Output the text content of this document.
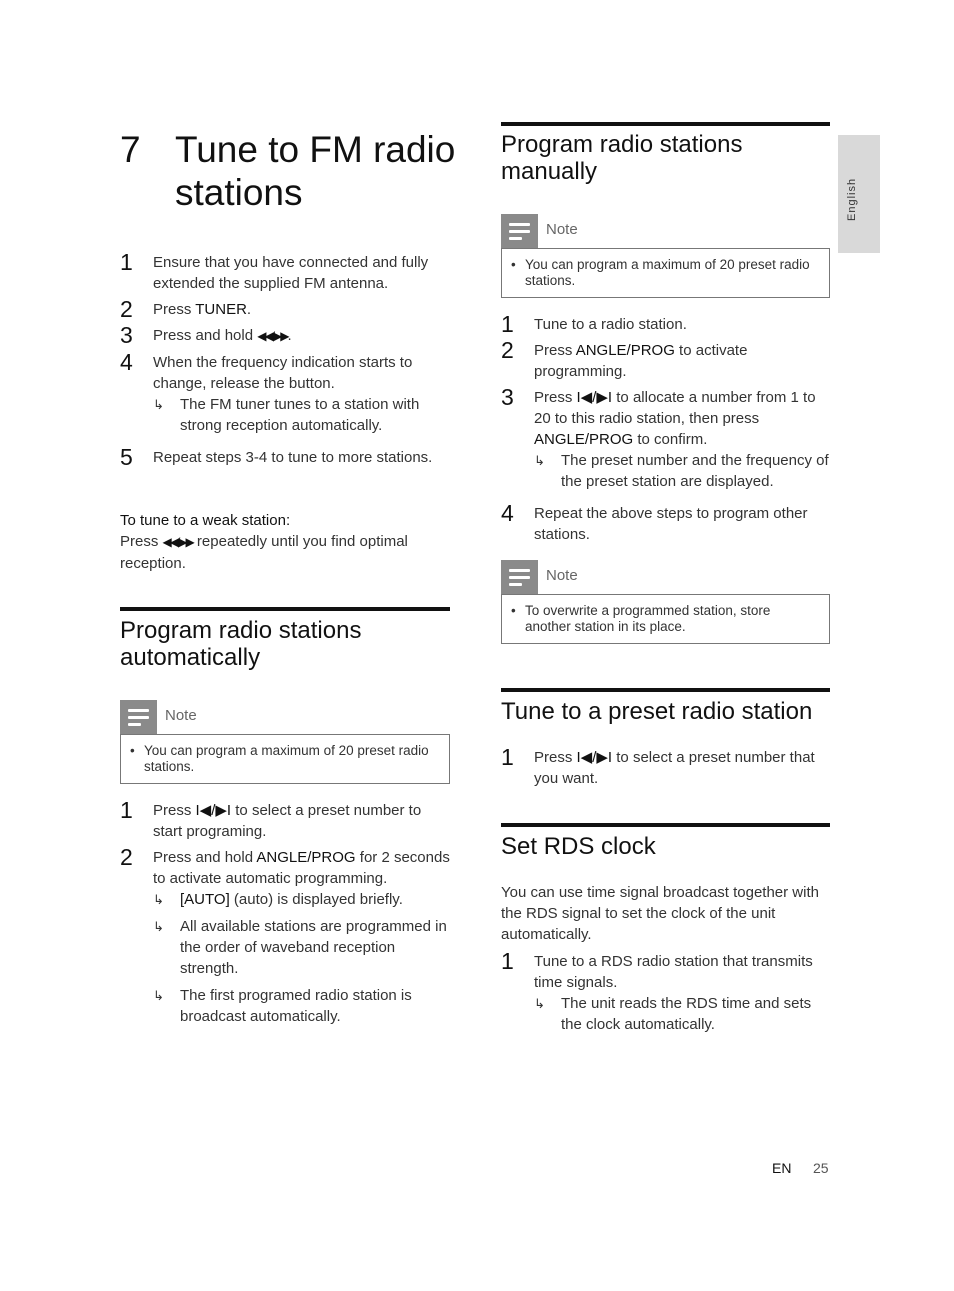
7 Tune to FM radio stations
1 Ensure that you have connected and fully extended the supplied FM antenna.
2 Press TUNER.
3 Press and hold ◀◀/▶▶.
4 When the frequency indication starts to change, release the button.
↳ The FM tuner tunes to a station with strong reception automatically.
5 Repeat steps 3-4 to tune to more stations.
To tune to a weak station:
Press ◀◀/▶▶ repeatedly until you find optimal reception.
Program radio stations automatically
Note
• You can program a maximum of 20 preset radio stations.
1 Press I◀/▶I to select a preset number to start programing.
2 Press and hold ANGLE/PROG for 2 seconds to activate automatic programming.
↳ [AUTO] (auto) is displayed briefly.
↳ All available stations are programmed in the order of waveband reception strength.
↳ The first programed radio station is broadcast automatically.
Program radio stations manually
Note
• You can program a maximum of 20 preset radio stations.
1 Tune to a radio station.
2 Press ANGLE/PROG to activate programming.
3 Press I◀/▶I to allocate a number from 1 to 20 to this radio station, then press ANGLE/PROG to confirm.
↳ The preset number and the frequency of the preset station are displayed.
4 Repeat the above steps to program other stations.
Note
• To overwrite a programmed station, store another station in its place.
Tune to a preset radio station
1 Press I◀/▶I to select a preset number that you want.
Set RDS clock
You can use time signal broadcast together with the RDS signal to set the clock of the unit automatically.
1 Tune to a RDS radio station that transmits time signals.
↳ The unit reads the RDS time and sets the clock automatically.
English
EN 25
